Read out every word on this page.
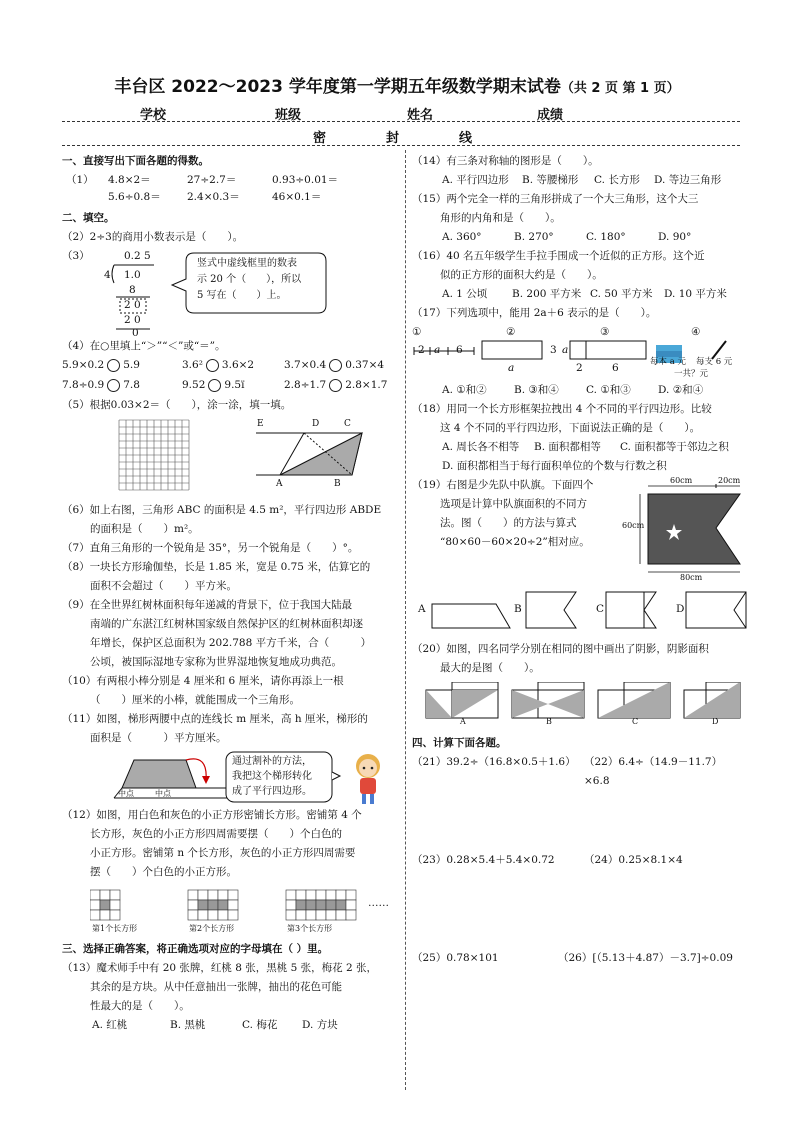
丰台区 2022～2023 学年度第一学期五年级数学期末试卷（共 2 页 第 1 页）
学校	班级	姓名	成绩
密	封	线
一、直接写出下面各题的得数。
（1） 4.8×2＝	27÷2.7＝	0.93÷0.01＝
5.6÷0.8＝	2.4×0.3＝	46×0.1＝
二、填空。
（2）2÷3的商用小数表示是（　　）。
（3）	0.2 5
4 1.0
8
2 0
2 0
0
竖式中虚线框里的数表
示 20 个（　　），所以
5 写在（　　）上。
（4）在○里填上“＞”“＜”或“＝”。
5.9×0.2 5.9	3.6² 3.6×2	3.7×0.4 0.37×4
7.8÷0.9 7.8	9.52 9.5ï	2.8÷1.7 2.8×1.7
（5）根据0.03×2＝（　　），涂一涂，填一填。
E	D	C
A	B
（6）如上右图，三角形 ABC 的面积是 4.5 m²，平行四边形 ABDE
的面积是（　　）m²。
（7）直角三角形的一个锐角是 35°，另一个锐角是（　　）°。
（8）一块长方形瑜伽垫，长是 1.85 米，宽是 0.75 米，估算它的
面积不会超过（　　）平方米。
（9）在全世界红树林面积每年递减的背景下，位于我国大陆最
南端的广东湛江红树林国家级自然保护区的红树林面积却逐
年增长，保护区总面积为 202.788 平方千米，合（　　　）
公顷，被国际湿地专家称为世界湿地恢复地成功典范。
（10）有两根小棒分别是 4 厘米和 6 厘米，请你再添上一根
（　　）厘米的小棒，就能围成一个三角形。
（11）如图，梯形两腰中点的连线长 m 厘米，高 h 厘米，梯形的
面积是（　　　）平方厘米。
中点	中点
通过割补的方法，
我把这个梯形转化
成了平行四边形。
（12）如图，用白色和灰色的小正方形密铺长方形。密铺第 4 个
长方形，灰色的小正方形四周需要摆（　　）个白色的
小正方形。密铺第 n 个长方形，灰色的小正方形四周需要
摆（　　）个白色的小正方形。
第1个长方形	第2个长方形	第3个长方形
……
三、选择正确答案，将正确选项对应的字母填在（ ）里。
（13）魔术师手中有 20 张牌，红桃 8 张，黑桃 5 张，梅花 2 张，
其余的是方块。从中任意抽出一张牌，抽出的花色可能
性最大的是（　　）。
A. 红桃	B. 黑桃	C. 梅花 D. 方块
（14）有三条对称轴的图形是（　　）。
A. 平行四边形 B. 等腰梯形 C. 长方形 D. 等边三角形
（15）两个完全一样的三角形拼成了一个大三角形，这个大三
角形的内角和是（　　）。
A. 360°	B. 270°	C. 180°	D. 90°
（16）40 名五年级学生手拉手围成一个近似的正方形。这个近
似的正方形的面积大约是（　　）。
A. 1 公顷 B. 200 平方米 C. 50 平方米 D. 10 平方米
（17）下列选项中，能用 2a＋6 表示的是（　　）。
①	②	③	④
2 a 6
a
3 a
2	6	每本 a 元 每支 6 元
一共？元
A. ①和②	B. ③和④	C. ①和③	D. ②和④
（18）用同一个长方形框架拉拽出 4 个不同的平行四边形。比较
这 4 个不同的平行四边形，下面说法正确的是（　　）。
A. 周长各不相等 B. 面积都相等 C. 面积都等于邻边之积
D. 面积都相当于每行面积单位的个数与行数之积
（19）右图是少先队中队旗。下面四个
选项是计算中队旗面积的不同方
法。图（　　）的方法与算式
“80×60－60×20÷2”相对应。
60cm	20cm
60cm
80cm
A	B	C	D
（20）如图，四名同学分别在相同的图中画出了阴影，阴影面积
最大的是图（　　）。
A	B	C	D
四、计算下面各题。
（21）39.2÷（16.8×0.5＋1.6） （22）6.4÷（14.9－11.7）×6.8
（23）0.28×5.4＋5.4×0.72	（24）0.25×8.1×4
（25）0.78×101	（26）[（5.13＋4.87）－3.7]÷0.09
